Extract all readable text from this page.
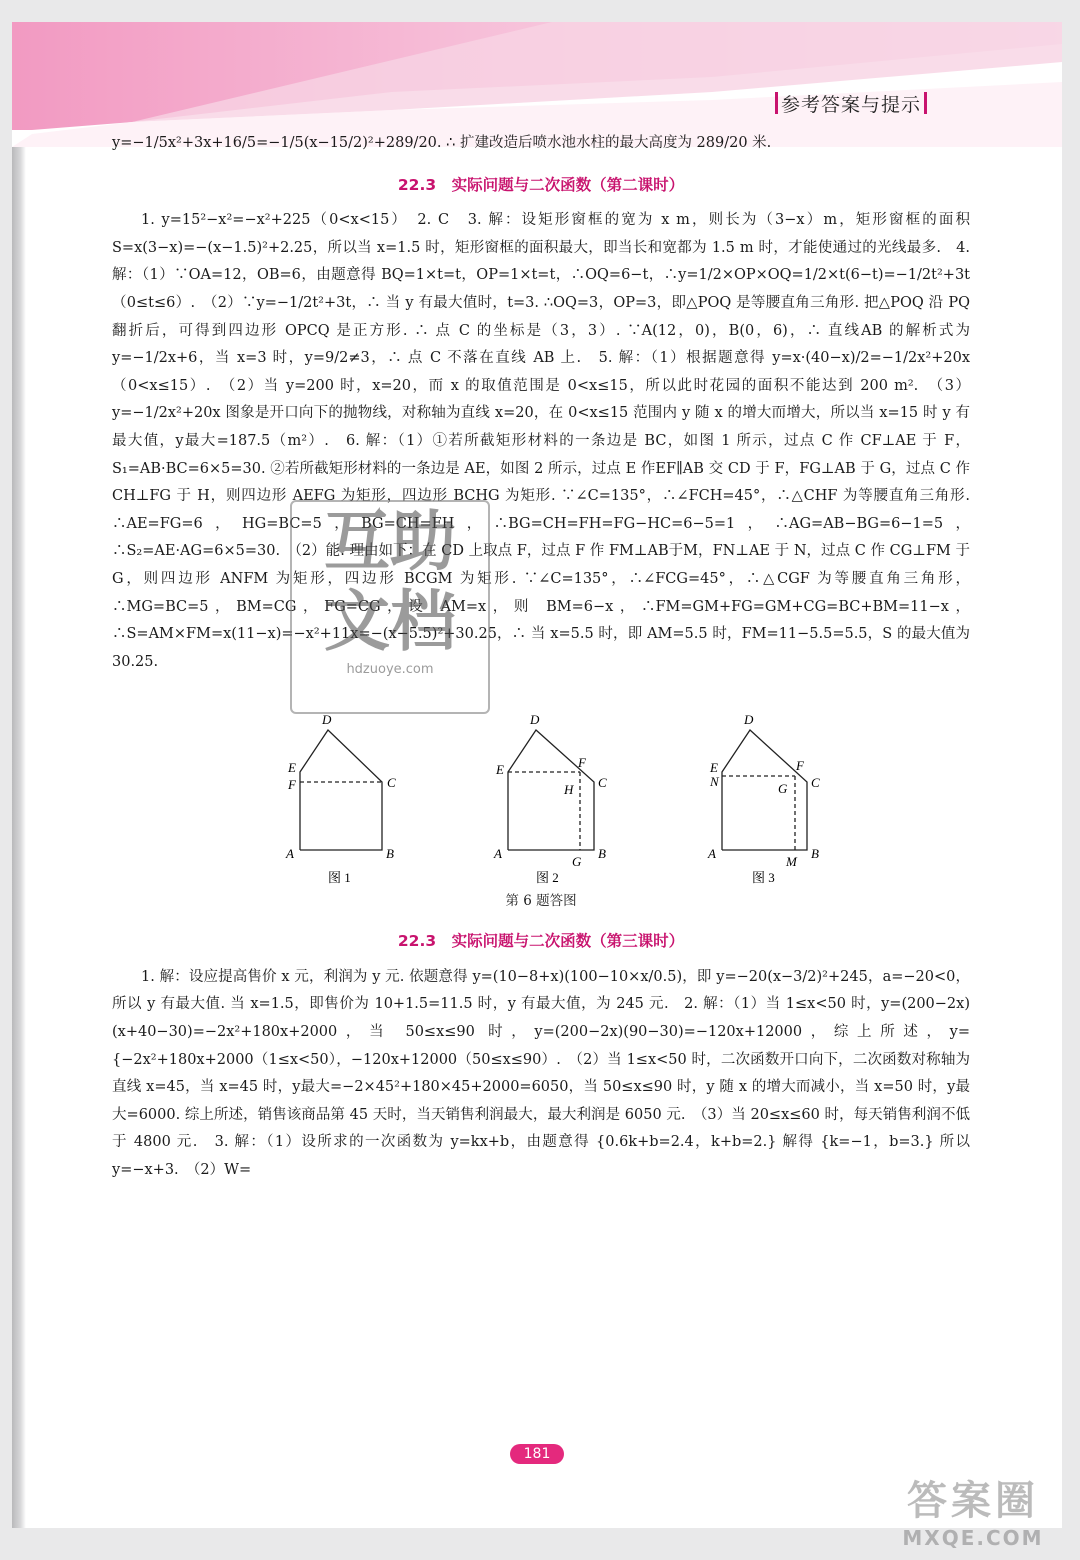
参考答案与提示

y=−1/5x²+3x+16/5=−1/5(x−15/2)²+289/20. ∴ 扩建改造后喷水池水柱的最大高度为 289/20 米.

22.3　实际问题与二次函数（第二课时）

1. y=15²−x²=−x²+225（0<x<15）　2. C　3. 解：设矩形窗框的宽为 x m，则长为（3−x）m，矩形窗框的面积 S=x(3−x)=−(x−1.5)²+2.25，所以当 x=1.5 时，矩形窗框的面积最大，即当长和宽都为 1.5 m 时，才能使通过的光线最多.　4. 解：（1）∵OA=12，OB=6，由题意得 BQ=1×t=t，OP=1×t=t，∴OQ=6−t，∴y=1/2×OP×OQ=1/2×t(6−t)=−1/2t²+3t（0≤t≤6）.　（2）∵y=−1/2t²+3t，∴ 当 y 有最大值时，t=3. ∴OQ=3，OP=3，即△POQ 是等腰直角三角形. 把△POQ 沿 PQ 翻折后，可得到四边形 OPCQ 是正方形. ∴ 点 C 的坐标是（3，3）. ∵A(12，0)，B(0，6)，∴ 直线AB 的解析式为 y=−1/2x+6，当 x=3 时，y=9/2≠3，∴ 点 C 不落在直线 AB 上.　5. 解：（1）根据题意得 y=x·(40−x)/2=−1/2x²+20x（0<x≤15）.　（2）当 y=200 时，x=20，而 x 的取值范围是 0<x≤15，所以此时花园的面积不能达到 200 m².　（3）y=−1/2x²+20x 图象是开口向下的抛物线，对称轴为直线 x=20，在 0<x≤15 范围内 y 随 x 的增大而增大，所以当 x=15 时 y 有最大值，y最大=187.5（m²）.　6. 解：（1）①若所截矩形材料的一条边是 BC，如图 1 所示，过点 C 作 CF⊥AE 于 F，S₁=AB·BC=6×5=30. ②若所截矩形材料的一条边是 AE，如图 2 所示，过点 E 作EF∥AB 交 CD 于 F，FG⊥AB 于 G，过点 C 作 CH⊥FG 于 H，则四边形 AEFG 为矩形，四边形 BCHG 为矩形. ∵∠C=135°，∴∠FCH=45°，∴△CHF 为等腰直角三角形. ∴AE=FG=6，HG=BC=5，BG=CH=FH，∴BG=CH=FH=FG−HC=6−5=1，∴AG=AB−BG=6−1=5，∴S₂=AE·AG=6×5=30.　（2）能. 理由如下：在 CD 上取点 F，过点 F 作 FM⊥AB于M，FN⊥AE 于 N，过点 C 作 CG⊥FM 于 G，则四边形 ANFM 为矩形，四边形 BCGM 为矩形. ∵∠C=135°，∴∠FCG=45°，∴△CGF 为等腰直角三角形，∴MG=BC=5，BM=CG，FG=CG，设 AM=x，则 BM=6−x，∴FM=GM+FG=GM+CG=BC+BM=11−x，∴S=AM×FM=x(11−x)=−x²+11x=−(x−5.5)²+30.25，∴ 当 x=5.5 时，即 AM=5.5 时，FM=11−5.5=5.5，S 的最大值为 30.25.

D
E
F	C
A	B
图 1
D
E	F
H C
A	B
G
图 2
D
E
N
F
G C
A	B
M
图 3
第 6 题答图

22.3　实际问题与二次函数（第三课时）

1. 解：设应提高售价 x 元，利润为 y 元. 依题意得 y=(10−8+x)(100−10×x/0.5)，即 y=−20(x−3/2)²+245，a=−20<0，所以 y 有最大值. 当 x=1.5，即售价为 10+1.5=11.5 时，y 有最大值，为 245 元.　2. 解：（1）当 1≤x<50 时，y=(200−2x)(x+40−30)=−2x²+180x+2000，当 50≤x≤90 时，y=(200−2x)(90−30)=−120x+12000，综上所述，y={−2x²+180x+2000（1≤x<50），−120x+12000（50≤x≤90）.　（2）当 1≤x<50 时，二次函数开口向下，二次函数对称轴为直线 x=45，当 x=45 时，y最大=−2×45²+180×45+2000=6050，当 50≤x≤90 时，y 随 x 的增大而减小，当 x=50 时，y最大=6000. 综上所述，销售该商品第 45 天时，当天销售利润最大，最大利润是 6050 元.　（3）当 20≤x≤60 时，每天销售利润不低于 4800 元.　3. 解：（1）设所求的一次函数为 y=kx+b，由题意得 {0.6k+b=2.4，k+b=2.} 解得 {k=−1，b=3.} 所以 y=−x+3.　（2）W=

互助
文档
hdzuoye.com
181
答案圈
MXQE.COM
